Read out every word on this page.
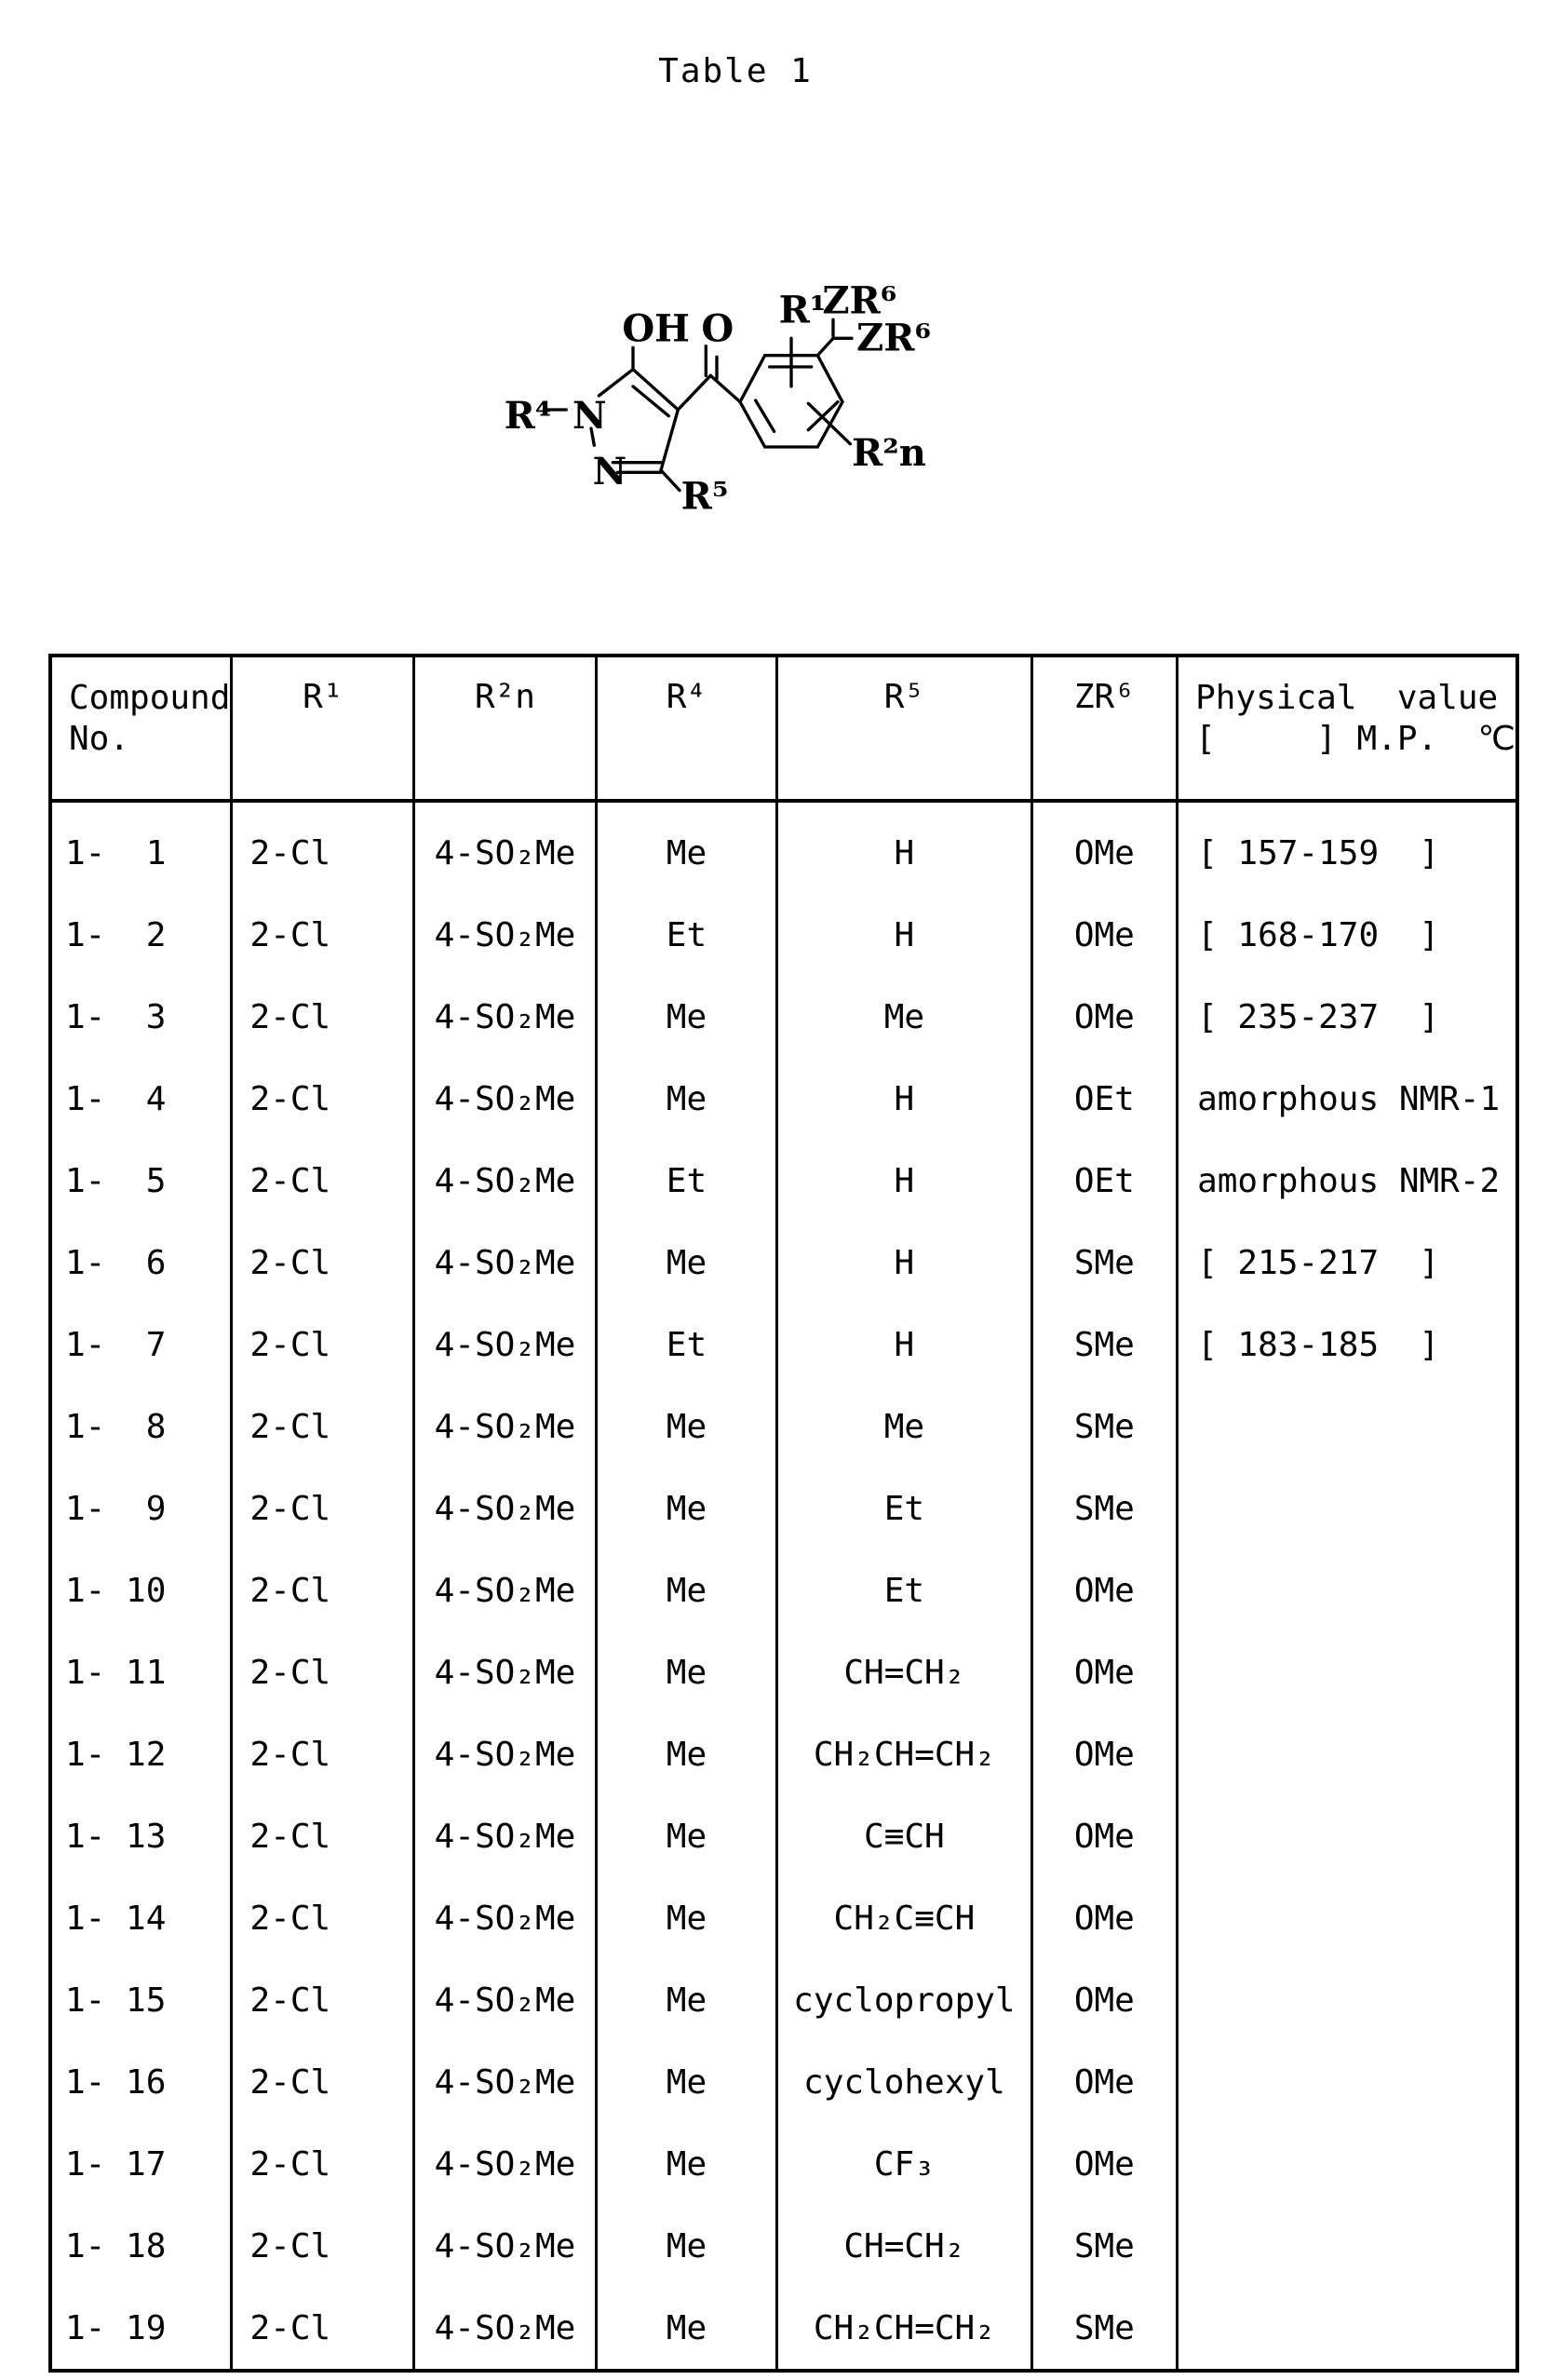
Table 1
OH O
R⁴ N
N
R⁵
R¹
ZR⁶
ZR⁶
R²n
Compound
No.	R¹	R²n	R⁴	R⁵	ZR⁶	Physical  value
[     ] M.P.  ℃
1-  1	2-Cl	4-SO₂Me	Me	H	OMe	[ 157-159  ]
1-  2	2-Cl	4-SO₂Me	Et	H	OMe	[ 168-170  ]
1-  3	2-Cl	4-SO₂Me	Me	Me	OMe	[ 235-237  ]
1-  4	2-Cl	4-SO₂Me	Me	H	OEt	amorphous NMR-1
1-  5	2-Cl	4-SO₂Me	Et	H	OEt	amorphous NMR-2
1-  6	2-Cl	4-SO₂Me	Me	H	SMe	[ 215-217  ]
1-  7	2-Cl	4-SO₂Me	Et	H	SMe	[ 183-185  ]
1-  8	2-Cl	4-SO₂Me	Me	Me	SMe	
1-  9	2-Cl	4-SO₂Me	Me	Et	SMe	
1- 10	2-Cl	4-SO₂Me	Me	Et	OMe	
1- 11	2-Cl	4-SO₂Me	Me	CH=CH₂	OMe	
1- 12	2-Cl	4-SO₂Me	Me	CH₂CH=CH₂	OMe	
1- 13	2-Cl	4-SO₂Me	Me	C≡CH	OMe	
1- 14	2-Cl	4-SO₂Me	Me	CH₂C≡CH	OMe	
1- 15	2-Cl	4-SO₂Me	Me	cyclopropyl	OMe	
1- 16	2-Cl	4-SO₂Me	Me	cyclohexyl	OMe	
1- 17	2-Cl	4-SO₂Me	Me	CF₃	OMe	
1- 18	2-Cl	4-SO₂Me	Me	CH=CH₂	SMe	
1- 19	2-Cl	4-SO₂Me	Me	CH₂CH=CH₂	SMe	
